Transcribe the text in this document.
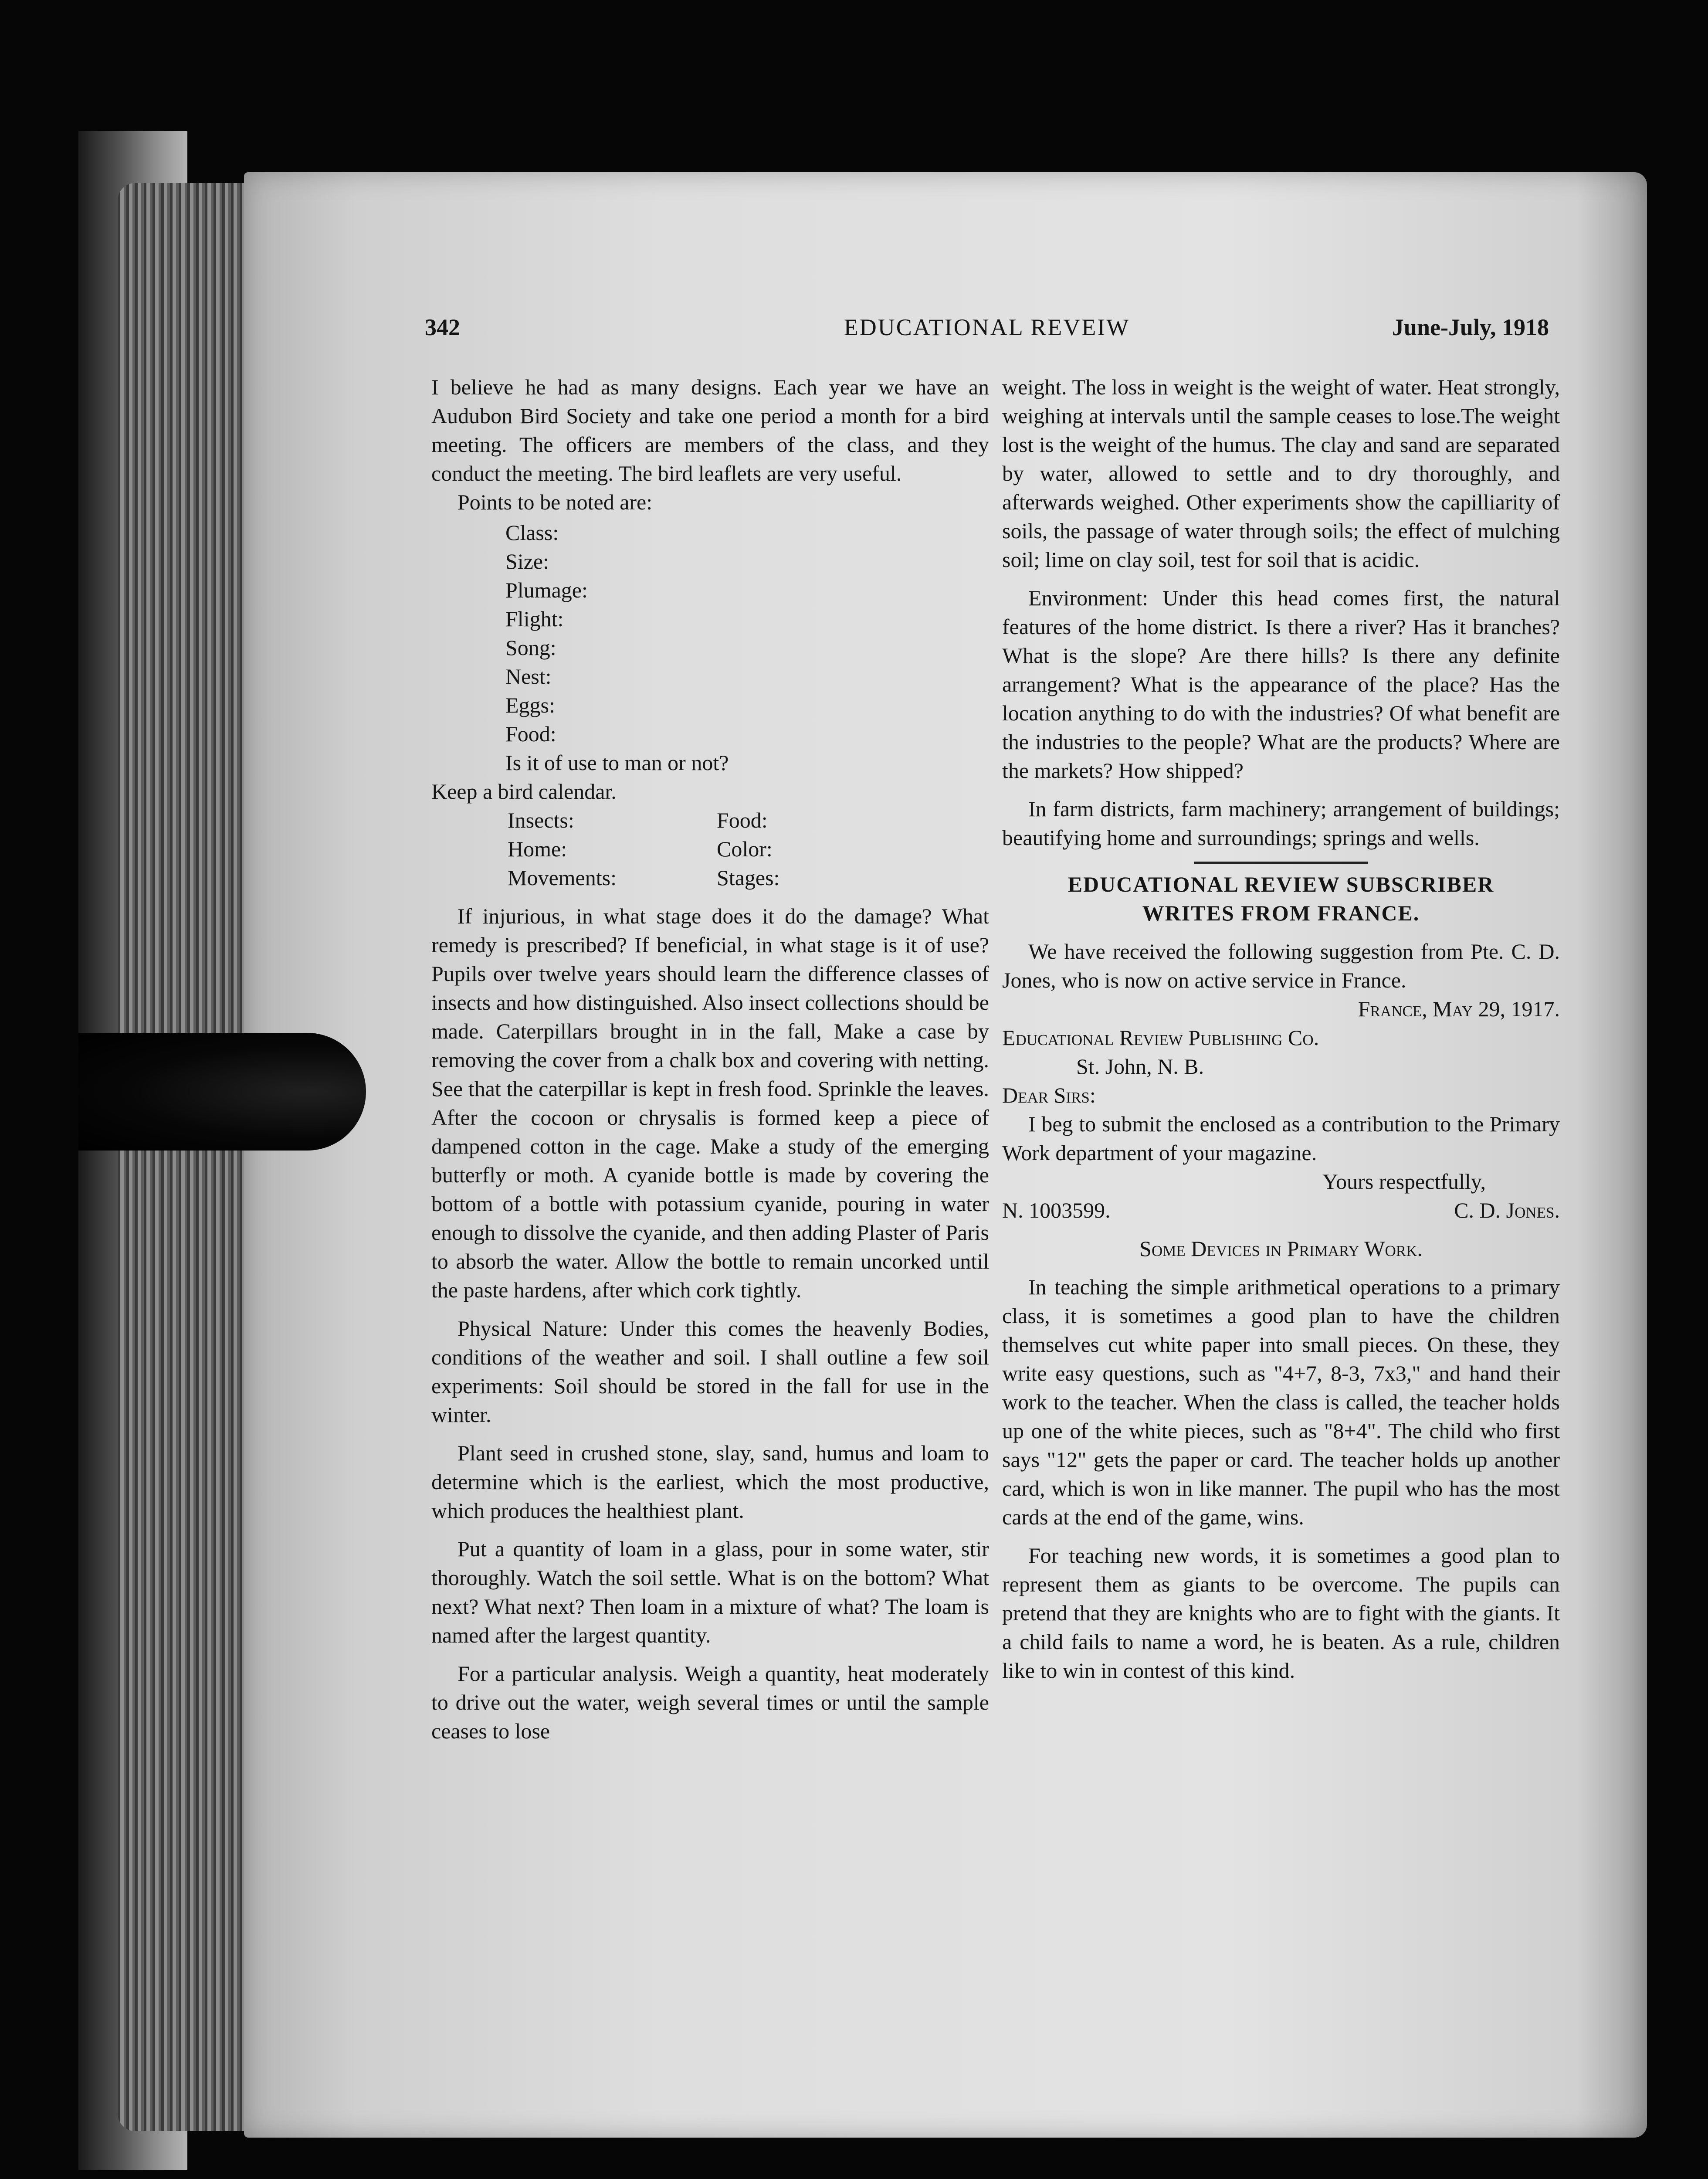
342	EDUCATIONAL REVEIW	June-July, 1918

I believe he had as many designs. Each year we have an Audubon Bird Society and take one period a month for a bird meeting. The officers are members of the class, and they conduct the meeting. The bird leaflets are very useful.

Points to be noted are:

Class:
Size:
Plumage:
Flight:
Song:
Nest:
Eggs:
Food:
Is it of use to man or not?

Keep a bird calendar.

Insects:	Food:
Home:	Color:
Movements:	Stages:

If injurious, in what stage does it do the damage? What remedy is prescribed? If beneficial, in what stage is it of use? Pupils over twelve years should learn the difference classes of insects and how distinguished. Also insect collections should be made. Caterpillars brought in in the fall, Make a case by removing the cover from a chalk box and covering with netting. See that the caterpillar is kept in fresh food. Sprinkle the leaves. After the cocoon or chrysalis is formed keep a piece of dampened cotton in the cage. Make a study of the emerging butterfly or moth. A cyanide bottle is made by covering the bottom of a bottle with potassium cyanide, pouring in water enough to dissolve the cyanide, and then adding Plaster of Paris to absorb the water. Allow the bottle to remain uncorked until the paste hardens, after which cork tightly.

Physical Nature: Under this comes the heavenly Bodies, conditions of the weather and soil. I shall outline a few soil experiments: Soil should be stored in the fall for use in the winter.

Plant seed in crushed stone, slay, sand, humus and loam to determine which is the earliest, which the most productive, which produces the healthiest plant.

Put a quantity of loam in a glass, pour in some water, stir thoroughly. Watch the soil settle. What is on the bottom? What next? What next? Then loam in a mixture of what? The loam is named after the largest quantity.

For a particular analysis. Weigh a quantity, heat moderately to drive out the water, weigh several times or until the sample ceases to lose

weight. The loss in weight is the weight of water. Heat strongly, weighing at intervals until the sample ceases to lose.The weight lost is the weight of the humus. The clay and sand are separated by water, allowed to settle and to dry thoroughly, and afterwards weighed. Other experiments show the capilliarity of soils, the passage of water through soils; the effect of mulching soil; lime on clay soil, test for soil that is acidic.

Environment: Under this head comes first, the natural features of the home district. Is there a river? Has it branches? What is the slope? Are there hills? Is there any definite arrangement? What is the appearance of the place? Has the location anything to do with the industries? Of what benefit are the industries to the people? What are the products? Where are the markets? How shipped?

In farm districts, farm machinery; arrangement of buildings; beautifying home and surroundings; springs and wells.

EDUCATIONAL REVIEW SUBSCRIBER
WRITES FROM FRANCE.

We have received the following suggestion from Pte. C. D. Jones, who is now on active service in France.

France, May 29, 1917.

Educational Review Publishing Co.

St. John, N. B.

Dear Sirs:

I beg to submit the enclosed as a contribution to the Primary Work department of your magazine.

Yours respectfully,

N. 1003599.	C. D. Jones.

Some Devices in Primary Work.

In teaching the simple arithmetical operations to a primary class, it is sometimes a good plan to have the children themselves cut white paper into small pieces. On these, they write easy questions, such as "4+7, 8-3, 7x3," and hand their work to the teacher. When the class is called, the teacher holds up one of the white pieces, such as "8+4". The child who first says "12" gets the paper or card. The teacher holds up another card, which is won in like manner. The pupil who has the most cards at the end of the game, wins.

For teaching new words, it is sometimes a good plan to represent them as giants to be overcome. The pupils can pretend that they are knights who are to fight with the giants. It a child fails to name a word, he is beaten. As a rule, children like to win in contest of this kind.
